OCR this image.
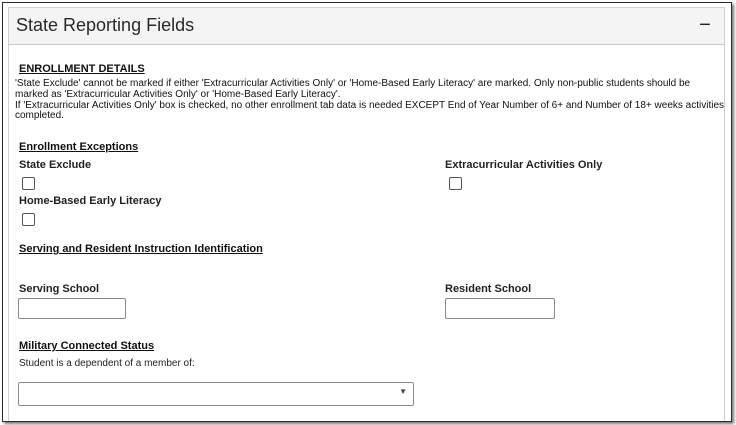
State Reporting Fields	−
ENROLLMENT DETAILS
'State Exclude' cannot be marked if either 'Extracurricular Activities Only' or 'Home-Based Early Literacy' are marked. Only non-public students should be marked as 'Extracurricular Activities Only' or 'Home-Based Early Literacy'.
If 'Extracurricular Activities Only' box is checked, no other enrollment tab data is needed EXCEPT End of Year Number of 6+ and Number of 18+ weeks activities completed.
Enrollment Exceptions
State Exclude	Extracurricular Activities Only
Home-Based Early Literacy
Serving and Resident Instruction Identification
Serving School	Resident School
Military Connected Status
Student is a dependent of a member of:
▼
